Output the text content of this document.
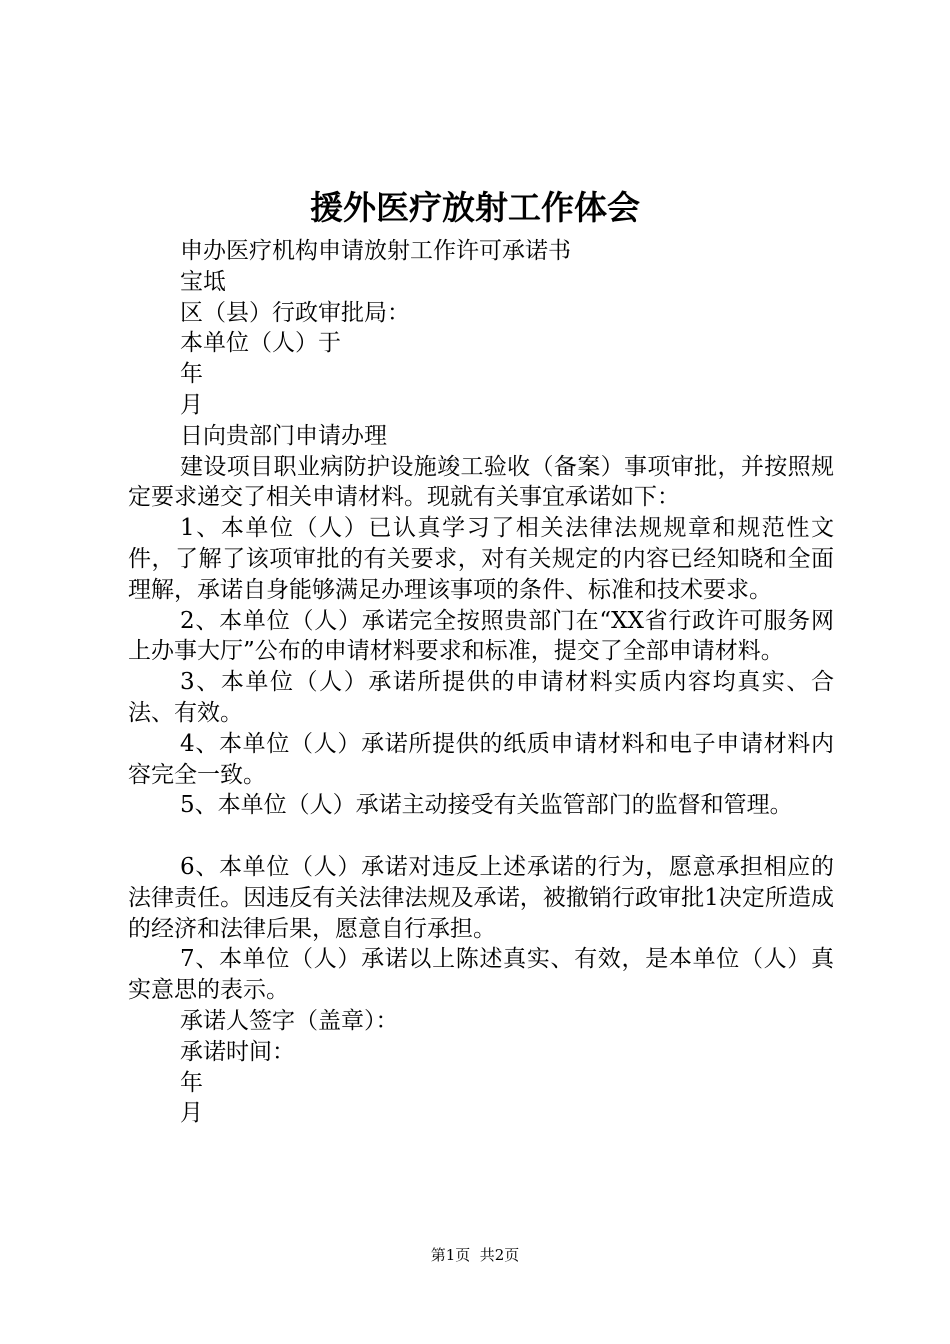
援外医疗放射工作体会

申办医疗机构申请放射工作许可承诺书

宝坻

区（县）行政审批局：

本单位（人）于

年

月

日向贵部门申请办理

建设项目职业病防护设施竣工验收（备案）事项审批，并按照规定要求递交了相关申请材料。现就有关事宜承诺如下：

1、本单位（人）已认真学习了相关法律法规规章和规范性文件，了解了该项审批的有关要求，对有关规定的内容已经知晓和全面理解，承诺自身能够满足办理该事项的条件、标准和技术要求。

2、本单位（人）承诺完全按照贵部门在“XX省行政许可服务网上办事大厅”公布的申请材料要求和标准，提交了全部申请材料。

3、本单位（人）承诺所提供的申请材料实质内容均真实、合法、有效。

4、本单位（人）承诺所提供的纸质申请材料和电子申请材料内容完全一致。

5、本单位（人）承诺主动接受有关监管部门的监督和管理。

6、本单位（人）承诺对违反上述承诺的行为，愿意承担相应的法律责任。因违反有关法律法规及承诺，被撤销行政审批1决定所造成的经济和法律后果，愿意自行承担。

7、本单位（人）承诺以上陈述真实、有效，是本单位（人）真实意思的表示。

承诺人签字（盖章）：

承诺时间：

年

月

第1页  共2页
